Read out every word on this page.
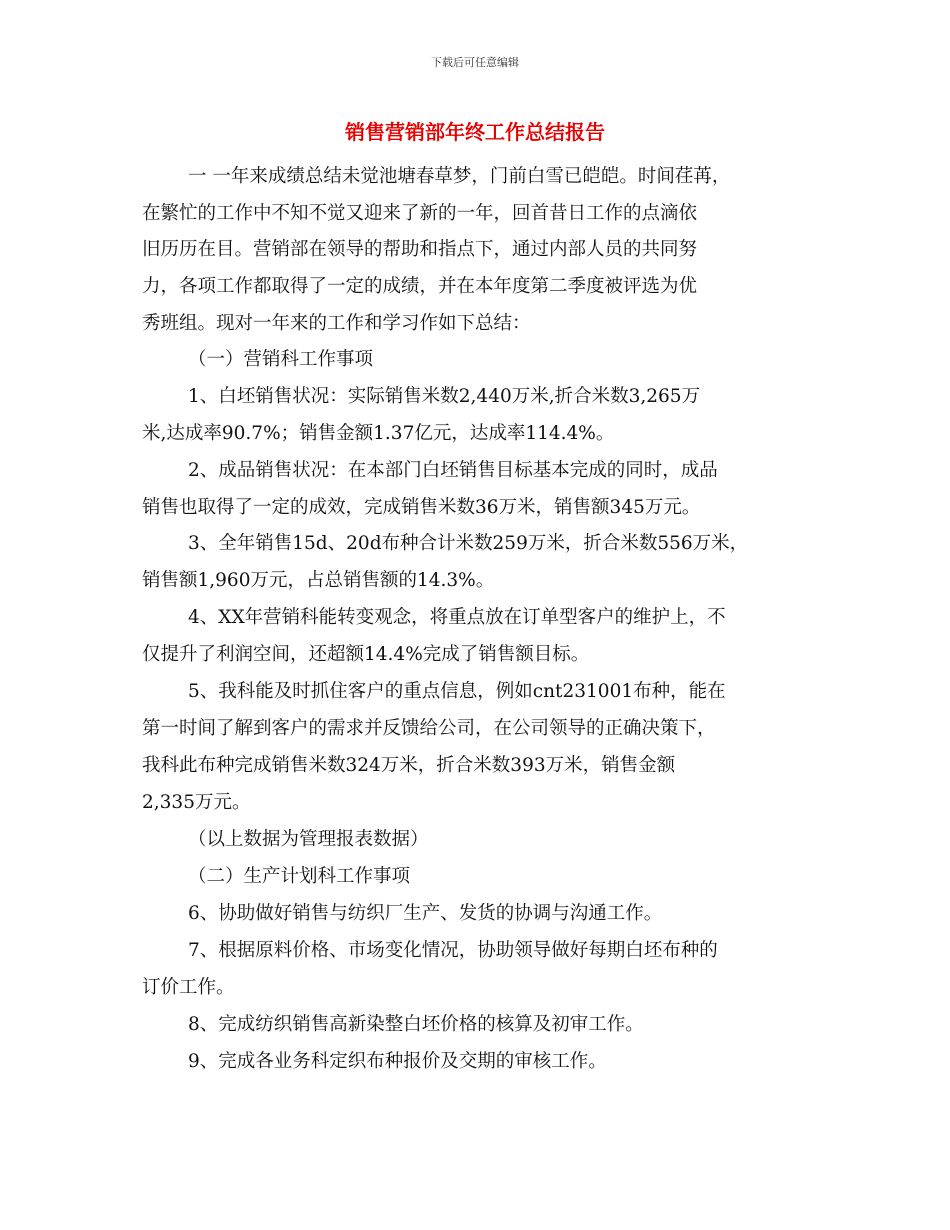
下载后可任意编辑
销售营销部年终工作总结报告
一 一年来成绩总结未觉池塘春草梦，门前白雪已皑皑。时间荏苒，
在繁忙的工作中不知不觉又迎来了新的一年，回首昔日工作的点滴依
旧历历在目。营销部在领导的帮助和指点下，通过内部人员的共同努
力，各项工作都取得了一定的成绩，并在本年度第二季度被评选为优
秀班组。现对一年来的工作和学习作如下总结：
（一）营销科工作事项
1、白坯销售状况：实际销售米数2,440万米,折合米数3,265万
米,达成率90.7%；销售金额1.37亿元，达成率114.4%。
2、成品销售状况：在本部门白坯销售目标基本完成的同时，成品
销售也取得了一定的成效，完成销售米数36万米，销售额345万元。
3、全年销售15d、20d布种合计米数259万米，折合米数556万米，
销售额1,960万元，占总销售额的14.3%。
4、XX年营销科能转变观念，将重点放在订单型客户的维护上，不
仅提升了利润空间，还超额14.4%完成了销售额目标。
5、我科能及时抓住客户的重点信息，例如cnt231001布种，能在
第一时间了解到客户的需求并反馈给公司，在公司领导的正确决策下，
我科此布种完成销售米数324万米，折合米数393万米，销售金额
2,335万元。
（以上数据为管理报表数据）
（二）生产计划科工作事项
6、协助做好销售与纺织厂生产、发货的协调与沟通工作。
7、根据原料价格、市场变化情况，协助领导做好每期白坯布种的
订价工作。
8、完成纺织销售高新染整白坯价格的核算及初审工作。
9、完成各业务科定织布种报价及交期的审核工作。
